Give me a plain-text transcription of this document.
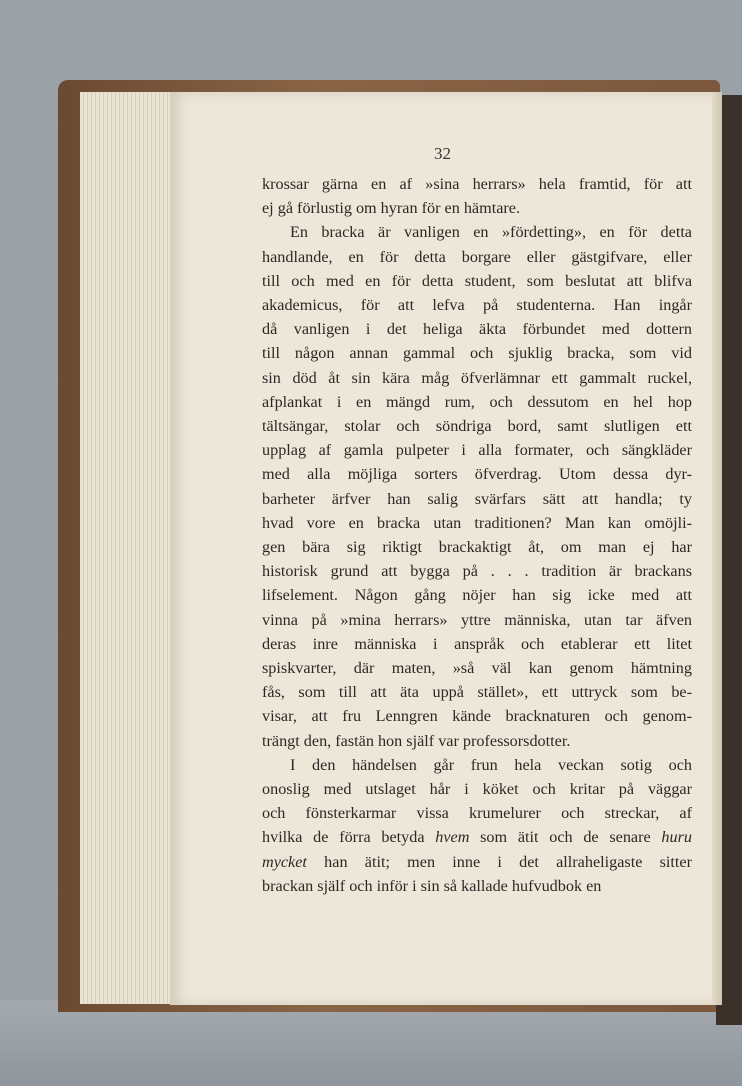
32
krossar gärna en af »sina herrars» hela framtid, för att
ej gå förlustig om hyran för en hämtare.
En bracka är vanligen en »fördetting», en för detta
handlande, en för detta borgare eller gästgifvare, eller
till och med en för detta student, som beslutat att blifva
akademicus, för att lefva på studenterna. Han ingår
då vanligen i det heliga äkta förbundet med dottern
till någon annan gammal och sjuklig bracka, som vid
sin död åt sin kära måg öfverlämnar ett gammalt ruckel,
afplankat i en mängd rum, och dessutom en hel hop
tältsängar, stolar och söndriga bord, samt slutligen ett
upplag af gamla pulpeter i alla formater, och sängkläder
med alla möjliga sorters öfverdrag. Utom dessa dyr-
barheter ärfver han salig svärfars sätt att handla; ty
hvad vore en bracka utan traditionen? Man kan omöjli-
gen bära sig riktigt brackaktigt åt, om man ej har
historisk grund att bygga på . . . tradition är brackans
lifselement. Någon gång nöjer han sig icke med att
vinna på »mina herrars» yttre människa, utan tar äfven
deras inre människa i anspråk och etablerar ett litet
spiskvarter, där maten, »så väl kan genom hämtning
fås, som till att äta uppå stället», ett uttryck som be-
visar, att fru Lenngren kände bracknaturen och genom-
trängt den, fastän hon själf var professorsdotter.
I den händelsen går frun hela veckan sotig och
onoslig med utslaget hår i köket och kritar på väggar
och fönsterkarmar vissa krumelurer och streckar, af
hvilka de förra betyda hvem som ätit och de senare huru
mycket han ätit; men inne i det allraheligaste sitter
brackan själf och inför i sin så kallade hufvudbok en
